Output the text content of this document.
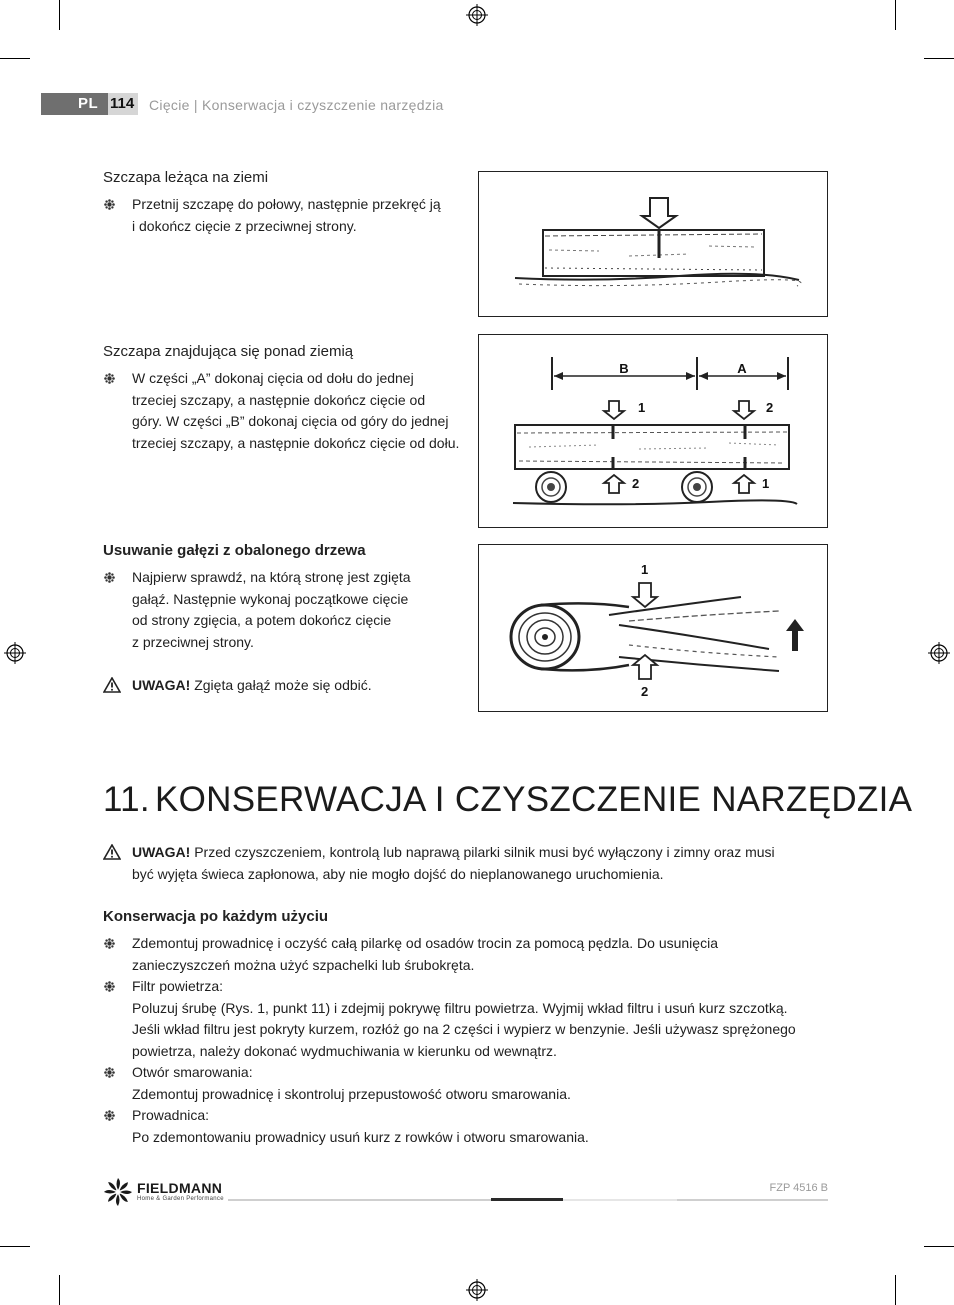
PL 114 Cięcie | Konserwacja i czyszczenie narzędzia
Szczapa leżąca na ziemi
Przetnij szczapę do połowy, następnie przekręć ją
i dokończ cięcie z przeciwnej strony.
Szczapa znajdująca się ponad ziemią
W części „A” dokonaj cięcia od dołu do jednej
trzeciej szczapy, a następnie dokończ cięcie od
góry. W części „B” dokonaj cięcia od góry do jednej
trzeciej szczapy, a następnie dokończ cięcie od dołu.
B	A
1	2
2	1
Usuwanie gałęzi z obalonego drzewa
Najpierw sprawdź, na którą stronę jest zgięta
gałąź. Następnie wykonaj początkowe cięcie
od strony zgięcia, a potem dokończ cięcie
z przeciwnej strony.
UWAGA! Zgięta gałąź może się odbić.
1
2
11. KONSERWACJA I CZYSZCZENIE NARZĘDZIA
UWAGA! Przed czyszczeniem, kontrolą lub naprawą pilarki silnik musi być wyłączony i zimny oraz musi
być wyjęta świeca zapłonowa, aby nie mogło dojść do nieplanowanego uruchomienia.
Konserwacja po każdym użyciu
Zdemontuj prowadnicę i oczyść całą pilarkę od osadów trocin za pomocą pędzla. Do usunięcia
zanieczyszczeń można użyć szpachelki lub śrubokręta.
Filtr powietrza:
Poluzuj śrubę (Rys. 1, punkt 11) i zdejmij pokrywę filtru powietrza. Wyjmij wkład filtru i usuń kurz szczotką.
Jeśli wkład filtru jest pokryty kurzem, rozłóż go na 2 części i wypierz w benzynie. Jeśli używasz sprężonego
powietrza, należy dokonać wydmuchiwania w kierunku od wewnątrz.
Otwór smarowania:
Zdemontuj prowadnicę i skontroluj przepustowość otworu smarowania.
Prowadnica:
Po zdemontowaniu prowadnicy usuń kurz z rowków i otworu smarowania.
FIELDMANN
Home & Garden Performance
FZP 4516 B
